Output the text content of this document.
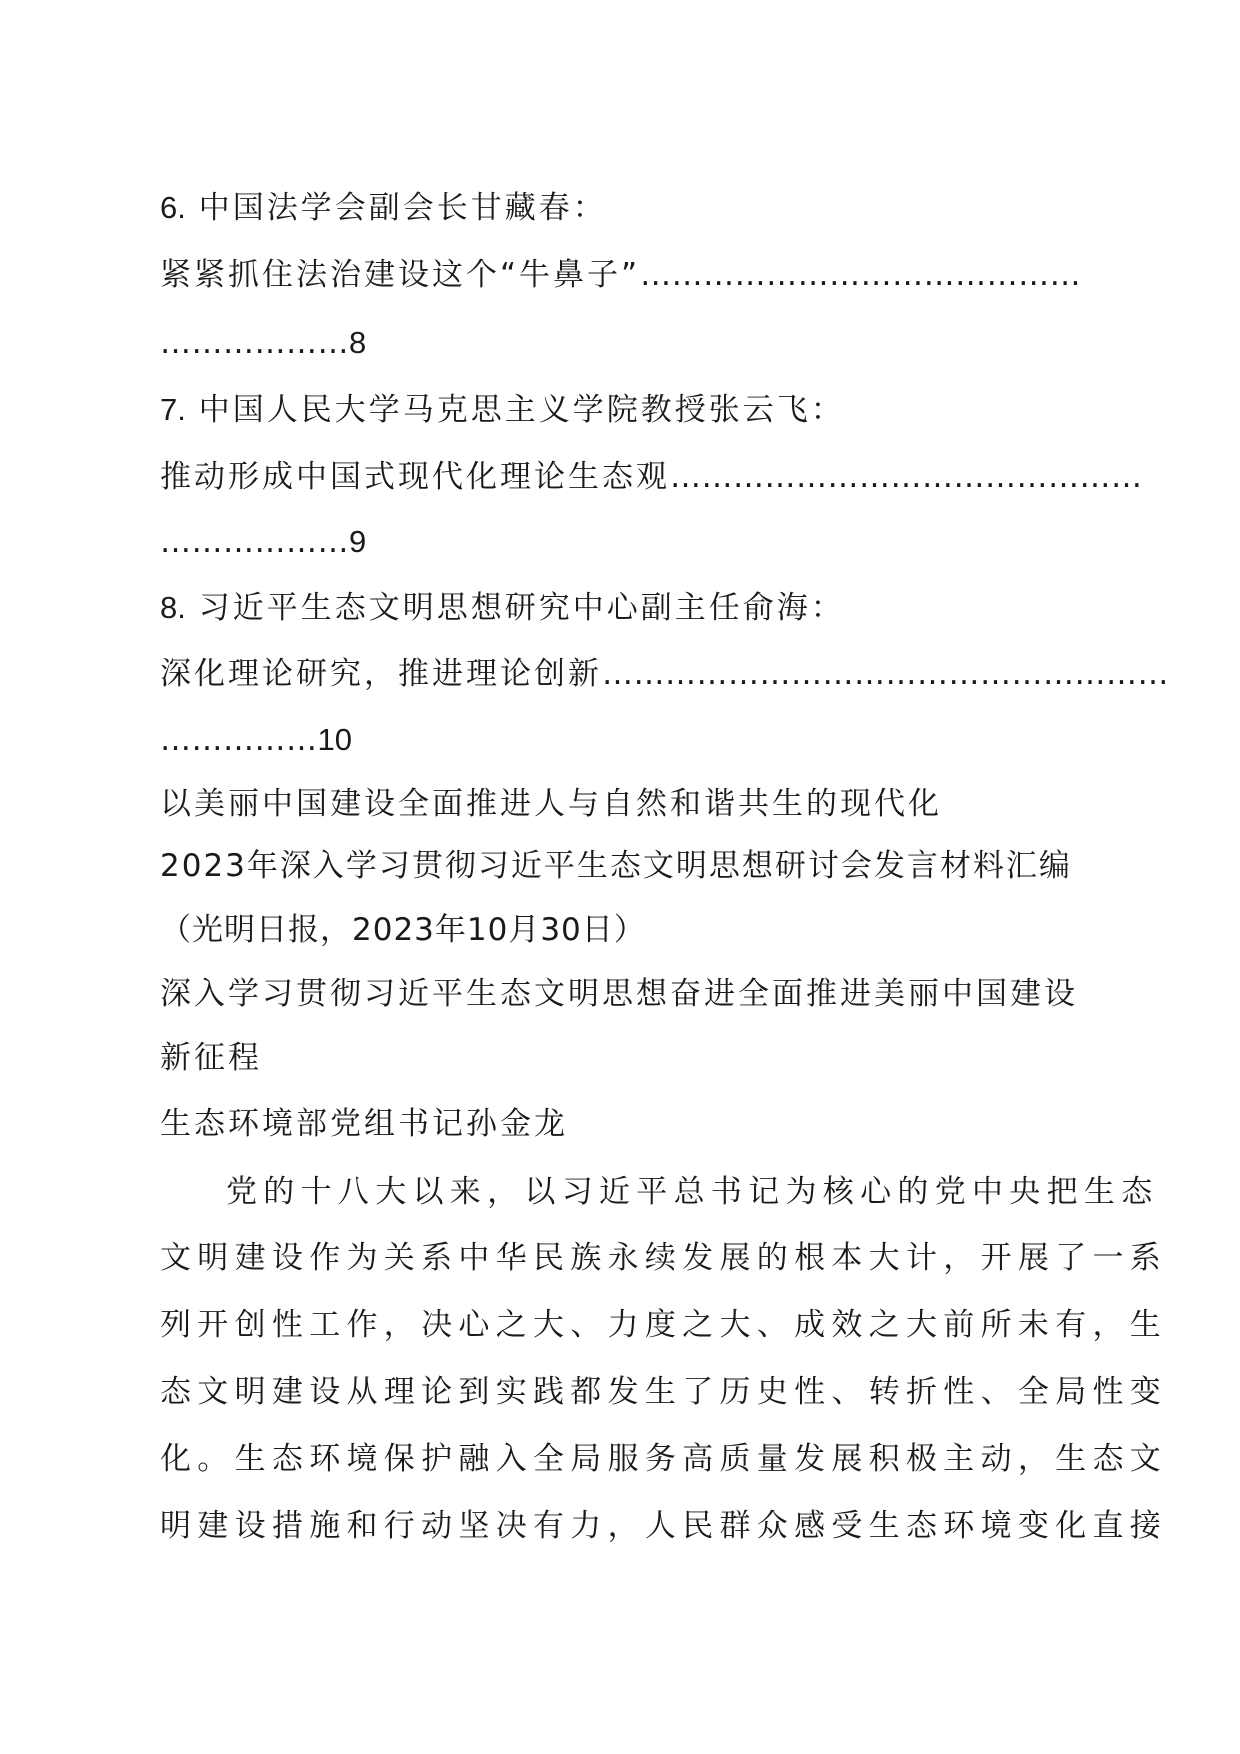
6. 中国法学会副会长甘藏春：
紧紧抓住法治建设这个“牛鼻子”……………………………………
………………8
7. 中国人民大学马克思主义学院教授张云飞：
推动形成中国式现代化理论生态观………………………………………
………………9
8. 习近平生态文明思想研究中心副主任俞海：
深化理论研究，推进理论创新………………………………………………
……………10
以美丽中国建设全面推进人与自然和谐共生的现代化
2023年深入学习贯彻习近平生态文明思想研讨会发言材料汇编
（光明日报，2023年10月30日）
深入学习贯彻习近平生态文明思想奋进全面推进美丽中国建设
新征程
生态环境部党组书记孙金龙
党的十八大以来，以习近平总书记为核心的党中央把生态
文明建设作为关系中华民族永续发展的根本大计，开展了一系
列开创性工作，决心之大、力度之大、成效之大前所未有，生
态文明建设从理论到实践都发生了历史性、转折性、全局性变
化。生态环境保护融入全局服务高质量发展积极主动，生态文
明建设措施和行动坚决有力，人民群众感受生态环境变化直接
